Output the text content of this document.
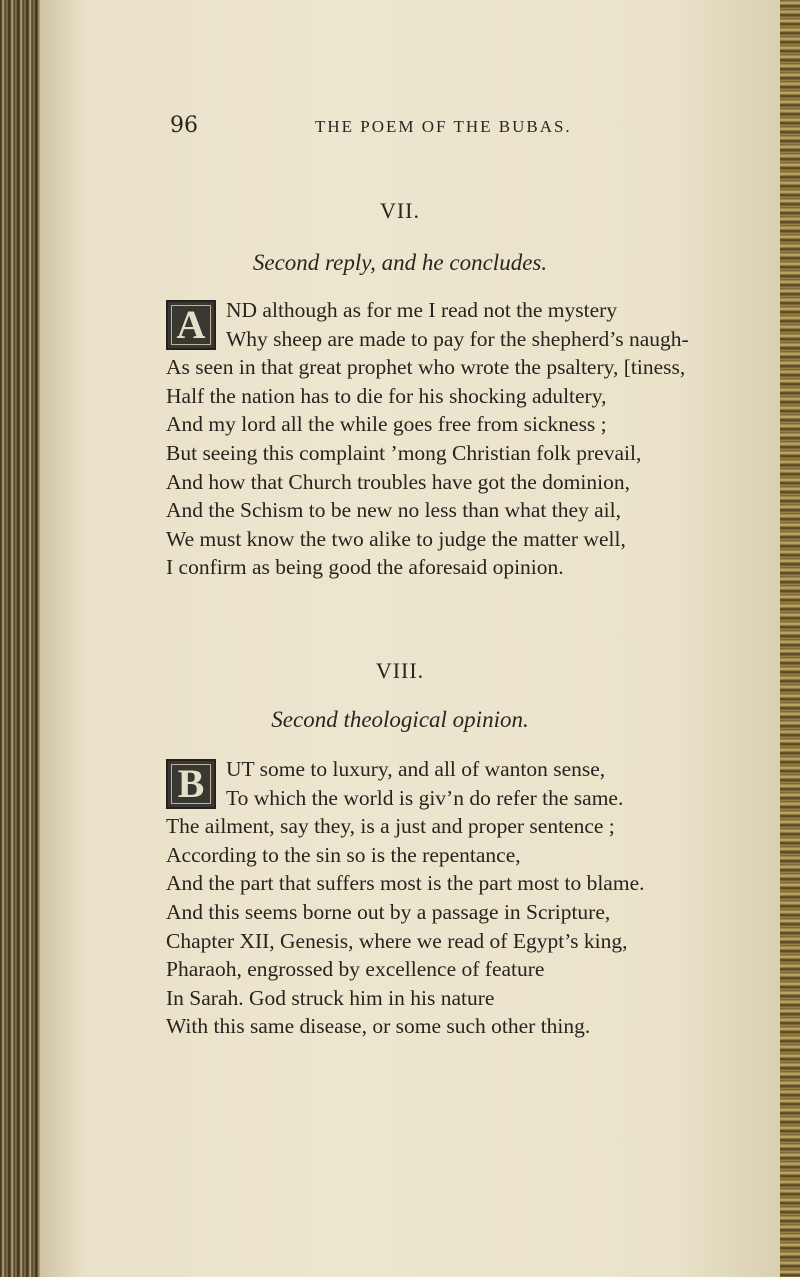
96	THE POEM OF THE BUBAS.
VII.
Second reply, and he concludes.
A ND although as for me I read not the mystery
Why sheep are made to pay for the shepherd’s naugh-
As seen in that great prophet who wrote the psaltery, [tiness,
Half the nation has to die for his shocking adultery,
And my lord all the while goes free from sickness ;
But seeing this complaint ’mong Christian folk prevail,
And how that Church troubles have got the dominion,
And the Schism to be new no less than what they ail,
We must know the two alike to judge the matter well,
I confirm as being good the aforesaid opinion.
VIII.
Second theological opinion.
B	UT some to luxury, and all of wanton sense,
To which the world is giv’n do refer the same.
The ailment, say they, is a just and proper sentence ;
According to the sin so is the repentance,
And the part that suffers most is the part most to blame.
And this seems borne out by a passage in Scripture,
Chapter XII, Genesis, where we read of Egypt’s king,
Pharaoh, engrossed by excellence of feature
In Sarah. God struck him in his nature
With this same disease, or some such other thing.
